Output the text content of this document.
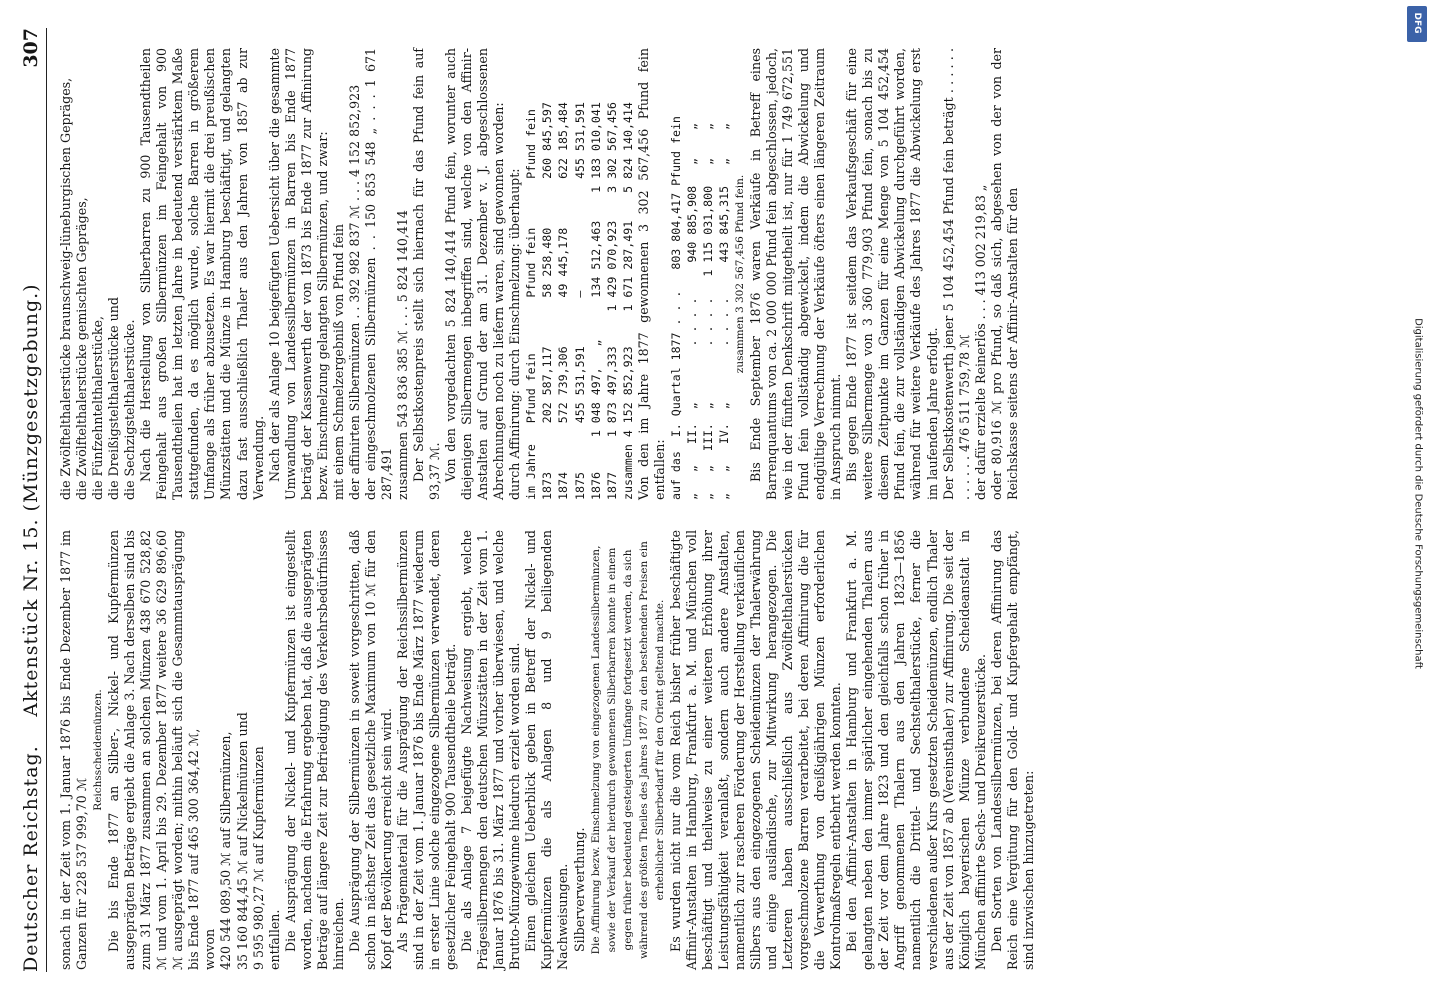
Deutscher Reichstag.
Aktenstück Nr. 15. (Münzgesetzgebung.)
307

sonach in der Zeit vom 1. Januar 1876 bis Ende Dezember 1877 im Ganzen für 228 537 999,70 ℳ

Reichsscheidemünzen. Die bis Ende 1877 an Silber-, Nickel- und Kupfermünzen ausgeprägten Beträge ergiebt die Anlage 3. Nach derselben sind bis zum 31 März 1877 zusammen an solchen Münzen 438 670 528,82 ℳ und vom 1. April bis 29. Dezember 1877 weitere 36 629 896,60 ℳ ausgeprägt worden; mithin beläuft sich die Gesammtausprägung bis Ende 1877 auf 465 300 364,42 ℳ, wovon 420 544 089,50 ℳ auf Silbermünzen, 35 160 844,45 ℳ auf Nickelmünzen und 9 595 980,27 ℳ auf Kupfermünzen entfallen. Die Ausprägung der Nickel- und Kupfermünzen ist eingestellt worden, nachdem die Erfahrung ergeben hat, daß die ausgeprägten Beträge auf längere Zeit zur Befriedigung des Verkehrsbedürfnisses hinreichen. Die Ausprägung der Silbermünzen in soweit vorgeschritten, daß schon in nächster Zeit das gesetzliche Maximum von 10 ℳ für den Kopf der Bevölkerung erreicht sein wird. Als Prägematerial für die Ausprägung der Reichssilbermünzen sind in der Zeit vom 1. Januar 1876 bis Ende März 1877 wiederum in erster Linie solche eingezogene Silbermünzen verwendet, deren gesetzlicher Feingehalt 900 Tausendtheile beträgt. Die als Anlage 7 beigefügte Nachweisung ergiebt, welche Prägesilbermengen den deutschen Münzstätten in der Zeit vom 1. Januar 1876 bis 31. März 1877 und vorher überwiesen, und welche Brutto-Münzgewinne hiedurch erzielt worden sind. Einen gleichen Ueberblick geben in Betreff der Nickel- und Kupfermünzen die als Anlagen 8 und 9 beiliegenden Nachweisungen. Silberverwerthung. Die Affinirung bezw. Einschmelzung von eingezogenen Landessilbermünzen, sowie der Verkauf der hierdurch gewonnenen Silberbarren konnte in einem gegen früher bedeutend gesteigerten Umfange fortgesetzt werden, da sich während des größten Theiles des Jahres 1877 zu den bestehenden Preisen ein erheblicher Silberbedarf für den Orient geltend machte. Es wurden nicht nur die vom Reich bisher früher beschäftigte Affinir-Anstalten in Hamburg, Frankfurt a. M. und München voll beschäftigt und theilweise zu einer weiteren Erhöhung ihrer Leistungsfähigkeit veranlaßt, sondern auch andere Anstalten, namentlich zur rascheren Förderung der Herstellung verkäuflichen Silbers aus den eingezogenen Scheidemünzen der Thalerwährung und einige ausländische, zur Mitwirkung herangezogen. Die Letzteren haben ausschließlich aus Zwölftelthalerstücken vorgeschmolzene Barren verarbeitet, bei deren Affinirung die für die Verwerthung von dreißigjährigen Münzen erforderlichen Kontrolmaßregeln entbehrt werden konnten. Bei den Affinir-Anstalten in Hamburg und Frankfurt a. M. gelangten neben den immer spärlicher eingehenden Thalern aus der Zeit vor dem Jahre 1823 und den gleichfalls schon früher in Angriff genommenen Thalern aus den Jahren 1823—1856 namentlich die Drittel- und Sechstelthalerstücke, ferner die verschiedenen außer Kurs gesetzten Scheidemünzen, endlich Thaler aus der Zeit von 1857 ab (Vereinsthaler) zur Affinirung. Die seit der Königlich bayerischen Münze verbundene Scheideanstalt in München affinirte Sechs- und Dreikreuzerstücke. Den Sorten von Landessilbermünzen, bei deren Affinirung das Reich eine Vergütung für den Gold- und Kupfergehalt empfängt, sind inzwischen hinzugetreten:

die Zwölftelthalerstücke braunschweig-lüneburgischen Gepräges, die Zwölftelthalerstücke gemischten Gepräges, die Fünfzehntelthalerstücke, die Dreißigstelthalerstücke und die Sechzigstelthalerstücke. Nach die Herstellung von Silberbarren zu 900 Tausendtheilen Feingehalt aus großen Silbermünzen im Feingehalt von 900 Tausendtheilen hat im letzten Jahre in bedeutend verstärktem Maße stattgefunden, da es möglich wurde, solche Barren in größerem Umfange als früher abzusetzen. Es war hiermit die drei preußischen Münzstätten und die Münze in Hamburg beschäftigt, und gelangten dazu fast ausschließlich Thaler aus den Jahren von 1857 ab zur Verwendung. Nach der als Anlage 10 beigefügten Uebersicht über die gesammte Umwandlung von Landessilbermünzen in Barren bis Ende 1877 beträgt der Kassenwerth der von 1873 bis Ende 1877 zur Affinirung bezw. Einschmelzung gelangten Silbermünzen, und zwar: mit einem Schmelzergebniß von Pfund fein der affinirten Silbermünzen . . 392 982 837 ℳ . . . 4 152 852,923 der eingeschmolzenen Silbermünzen . . 150 853 548 „ . . . 1 671 287,491 zusammen 543 836 385 ℳ . . . 5 824 140,414 Der Selbstkostenpreis stellt sich hiernach für das Pfund fein auf 93,37 ℳ. Von den vorgedachten 5 824 140,414 Pfund fein, worunter auch diejenigen Silbermengen inbegriffen sind, welche von den Affinir-Anstalten auf Grund der am 31. Dezember v. J. abgeschlossenen Abrechnungen noch zu liefern waren, sind gewonnen worden: durch Affinirung: durch Einschmelzung: überhaupt: im Jahre   Pfund fein        Pfund fein       Pfund fein 1873       202 587,117       58 258,480       260 845,597 1874       572 739,306       49 445,178       622 185,484 1875       455 531,591       —                455 531,591 1876     1 048 497,   „      134 512,463    1 183 010,041 1877     1 873 497,333     1 429 070,923    3 302 567,456 zusammen 4 152 852,923     1 671 287,491    5 824 140,414 Von den im Jahre 1877 gewonnenen 3 302 567,456 Pfund fein entfallen: auf das  I. Quartal 1877 . . .   803 804,417 Pfund fein „   „   II.  „        . . . .     940 885,908   „    „ „   „  III.  „        . . . .   1 115 031,800   „    „ „   „   IV.  „        . . . .     443 845,315   „    „ zusammen 3 302 567,456 Pfund fein. Bis Ende September 1876 waren Verkäufe in Betreff eines Barrenquantums von ca. 2 000 000 Pfund fein abgeschlossen, jedoch, wie in der fünften Denkschrift mitgetheilt ist, nur für 1 749 672,551 Pfund fein vollständig abgewickelt, indem die Abwickelung und endgültige Verrechnung der Verkäufe öfters einen längeren Zeitraum in Anspruch nimmt. Bis gegen Ende 1877 ist seitdem das Verkaufsgeschäft für eine weitere Silbermenge von 3 360 779,903 Pfund fein, sonach bis zu diesem Zeitpunkte im Ganzen für eine Menge von 5 104 452,454 Pfund fein, die zur vollständigen Abwickelung durchgeführt worden, während für weitere Verkäufe des Jahres 1877 die Abwickelung erst im laufenden Jahre erfolgt. Der Selbstkostenwerth jener 5 104 452,454 Pfund fein beträgt . . . . . . . . . . . . 476 511 759,78 ℳ der dafür erzielte Reinerlös . . . 413 002 219,83 „ oder 80,916 ℳ pro Pfund, so daß sich, abgesehen von der von der Reichskasse seitens der Affinir-Anstalten für den

DFG
Digitalisierung gefördert durch die Deutsche Forschungsgemeinschaft
